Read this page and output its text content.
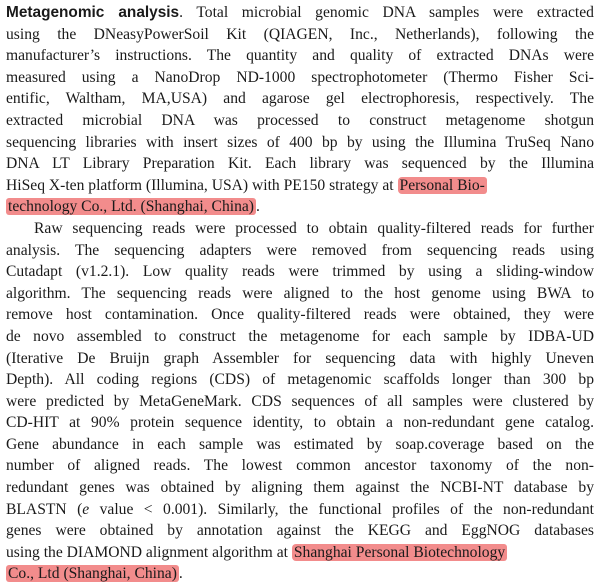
Metagenomic analysis. Total microbial genomic DNA samples were extracted
using the DNeasyPowerSoil Kit (QIAGEN, Inc., Netherlands), following the
manufacturer’s instructions. The quantity and quality of extracted DNAs were
measured using a NanoDrop ND-1000 spectrophotometer (Thermo Fisher Sci-
entific, Waltham, MA,USA) and agarose gel electrophoresis, respectively. The
extracted microbial DNA was processed to construct metagenome shotgun
sequencing libraries with insert sizes of 400 bp by using the Illumina TruSeq Nano
DNA LT Library Preparation Kit. Each library was sequenced by the Illumina
HiSeq X-ten platform (Illumina, USA) with PE150 strategy at Personal Bio-
technology Co., Ltd. (Shanghai, China) .
Raw sequencing reads were processed to obtain quality-filtered reads for further
analysis. The sequencing adapters were removed from sequencing reads using
Cutadapt (v1.2.1). Low quality reads were trimmed by using a sliding-window
algorithm. The sequencing reads were aligned to the host genome using BWA to
remove host contamination. Once quality-filtered reads were obtained, they were
de novo assembled to construct the metagenome for each sample by IDBA-UD
(Iterative De Bruijn graph Assembler for sequencing data with highly Uneven
Depth). All coding regions (CDS) of metagenomic scaffolds longer than 300 bp
were predicted by MetaGeneMark. CDS sequences of all samples were clustered by
CD-HIT at 90% protein sequence identity, to obtain a non-redundant gene catalog.
Gene abundance in each sample was estimated by soap.coverage based on the
number of aligned reads. The lowest common ancestor taxonomy of the non-
redundant genes was obtained by aligning them against the NCBI-NT database by
BLASTN (e value < 0.001). Similarly, the functional profiles of the non-redundant
genes were obtained by annotation against the KEGG and EggNOG databases
using the DIAMOND alignment algorithm at Shanghai Personal Biotechnology
Co., Ltd (Shanghai, China) .
